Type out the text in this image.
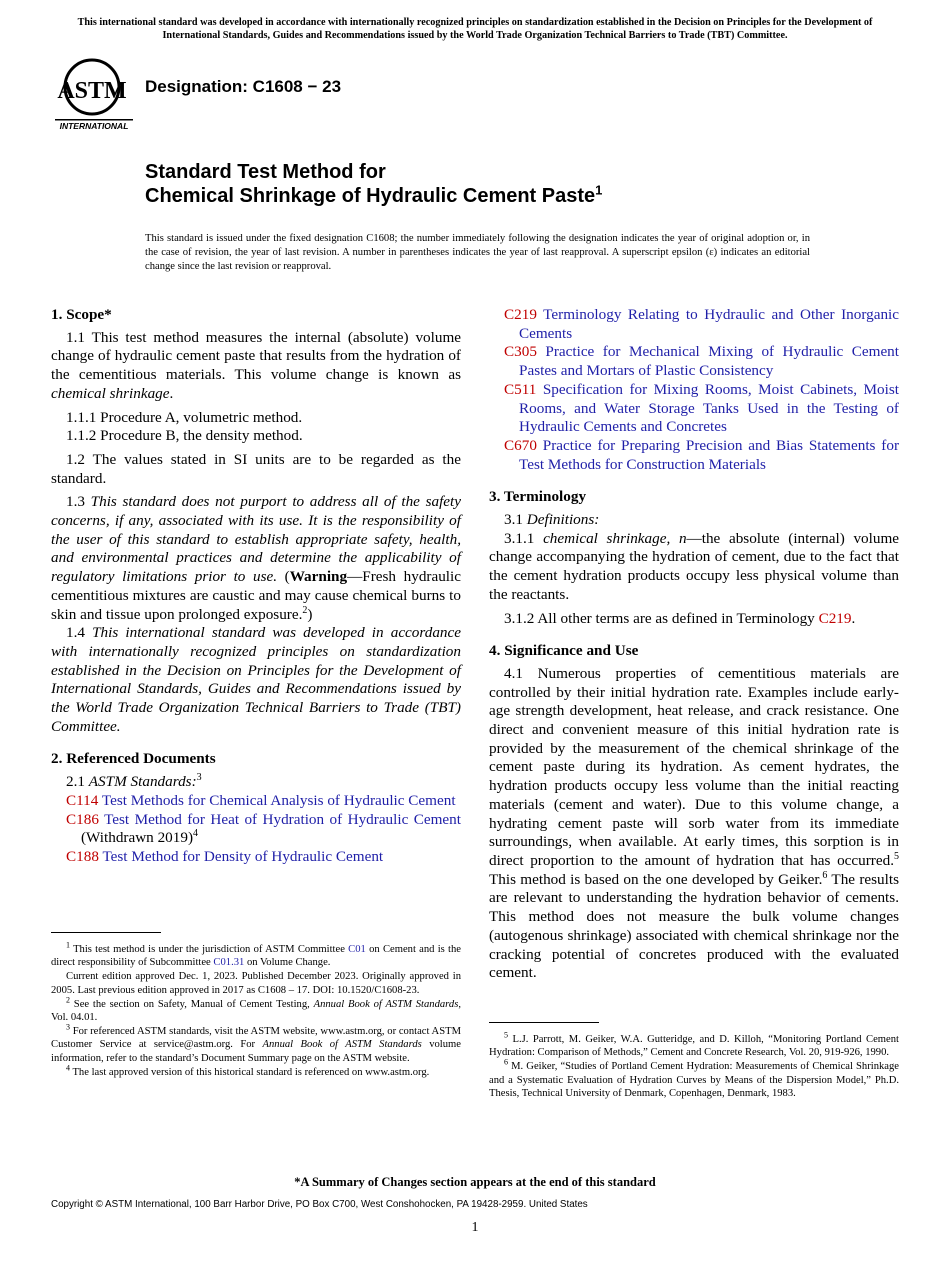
This international standard was developed in accordance with internationally recognized principles on standardization established in the Decision on Principles for the Development of International Standards, Guides and Recommendations issued by the World Trade Organization Technical Barriers to Trade (TBT) Committee.
ASTM
INTERNATIONAL
Designation: C1608 − 23
Standard Test Method for
Chemical Shrinkage of Hydraulic Cement Paste$^1$
This standard is issued under the fixed designation C1608; the number immediately following the designation indicates the year of original adoption or, in the case of revision, the year of last revision. A number in parentheses indicates the year of last reapproval. A superscript epsilon (ε) indicates an editorial change since the last revision or reapproval.
1. Scope*

1.1 This test method measures the internal (absolute) volume change of hydraulic cement paste that results from the hydration of the cementitious materials. This volume change is known as chemical shrinkage.

1.1.1 Procedure A, volumetric method.

1.1.2 Procedure B, the density method.

1.2 The values stated in SI units are to be regarded as the standard.

1.3 This standard does not purport to address all of the safety concerns, if any, associated with its use. It is the responsibility of the user of this standard to establish appropriate safety, health, and environmental practices and determine the applicability of regulatory limitations prior to use. (Warning—Fresh hydraulic cementitious mixtures are caustic and may cause chemical burns to skin and tissue upon prolonged exposure.$^2$)

1.4 This international standard was developed in accordance with internationally recognized principles on standardization established in the Decision on Principles for the Development of International Standards, Guides and Recommendations issued by the World Trade Organization Technical Barriers to Trade (TBT) Committee.

2. Referenced Documents

2.1 ASTM Standards:$^3$

C114 Test Methods for Chemical Analysis of Hydraulic Cement

C186 Test Method for Heat of Hydration of Hydraulic Cement (Withdrawn 2019)$^4$

C188 Test Method for Density of Hydraulic Cement

$^1$ This test method is under the jurisdiction of ASTM Committee C01 on Cement and is the direct responsibility of Subcommittee C01.31 on Volume Change.

Current edition approved Dec. 1, 2023. Published December 2023. Originally approved in 2005. Last previous edition approved in 2017 as C1608 – 17. DOI: 10.1520/C1608-23.

$^2$ See the section on Safety, Manual of Cement Testing, Annual Book of ASTM Standards, Vol. 04.01.

$^3$ For referenced ASTM standards, visit the ASTM website, www.astm.org, or contact ASTM Customer Service at service@astm.org. For Annual Book of ASTM Standards volume information, refer to the standard’s Document Summary page on the ASTM website.

$^4$ The last approved version of this historical standard is referenced on www.astm.org.

C219 Terminology Relating to Hydraulic and Other Inorganic Cements

C305 Practice for Mechanical Mixing of Hydraulic Cement Pastes and Mortars of Plastic Consistency

C511 Specification for Mixing Rooms, Moist Cabinets, Moist Rooms, and Water Storage Tanks Used in the Testing of Hydraulic Cements and Concretes

C670 Practice for Preparing Precision and Bias Statements for Test Methods for Construction Materials

3. Terminology

3.1 Definitions:

3.1.1 chemical shrinkage, n—the absolute (internal) volume change accompanying the hydration of cement, due to the fact that the cement hydration products occupy less physical volume than the reactants.

3.1.2 All other terms are as defined in Terminology C219.

4. Significance and Use

4.1 Numerous properties of cementitious materials are controlled by their initial hydration rate. Examples include early-age strength development, heat release, and crack resistance. One direct and convenient measure of this initial hydration rate is provided by the measurement of the chemical shrinkage of the cement paste during its hydration. As cement hydrates, the hydration products occupy less volume than the initial reacting materials (cement and water). Due to this volume change, a hydrating cement paste will sorb water from its immediate surroundings, when available. At early times, this sorption is in direct proportion to the amount of hydration that has occurred.$^5$ This method is based on the one developed by Geiker.$^6$ The results are relevant to understanding the hydration behavior of cements. This method does not measure the bulk volume changes (autogenous shrinkage) associated with chemical shrinkage nor the cracking potential of concretes produced with the evaluated cement.

$^5$ L.J. Parrott, M. Geiker, W.A. Gutteridge, and D. Killoh, “Monitoring Portland Cement Hydration: Comparison of Methods,” Cement and Concrete Research, Vol. 20, 919-926, 1990.

$^6$ M. Geiker, “Studies of Portland Cement Hydration: Measurements of Chemical Shrinkage and a Systematic Evaluation of Hydration Curves by Means of the Dispersion Model,” Ph.D. Thesis, Technical University of Denmark, Copenhagen, Denmark, 1983.

*A Summary of Changes section appears at the end of this standard
Copyright © ASTM International, 100 Barr Harbor Drive, PO Box C700, West Conshohocken, PA 19428-2959. United States
1
